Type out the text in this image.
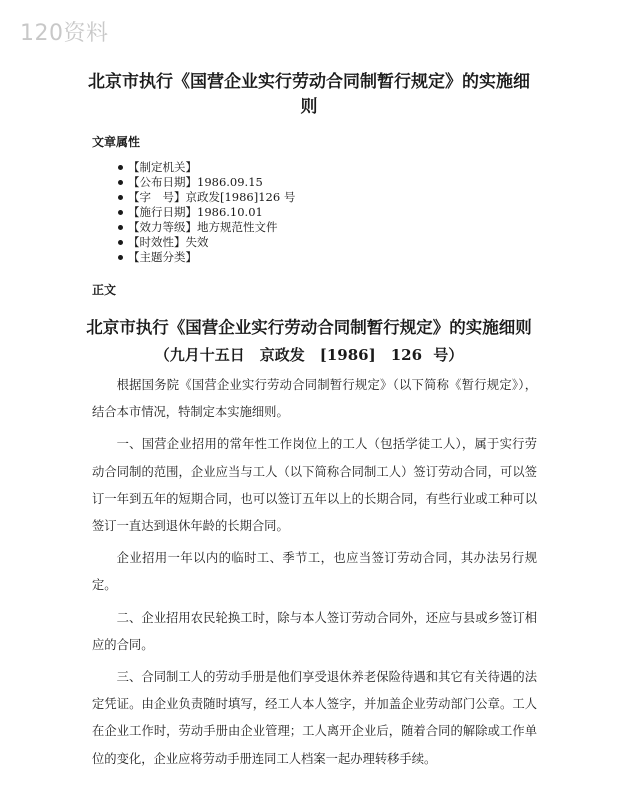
120资料
北京市执行《国营企业实行劳动合同制暂行规定》的实施细则
文章属性
【制定机关】
【公布日期】1986.09.15
【字　号】京政发[1986]126 号
【施行日期】1986.10.01
【效力等级】地方规范性文件
【时效性】失效
【主题分类】
正文
北京市执行《国营企业实行劳动合同制暂行规定》的实施细则
（九月十五日　京政发　[1986]　126 号）

根据国务院《国营企业实行劳动合同制暂行规定》（以下简称《暂行规定》），结合本市情况，特制定本实施细则。

一、国营企业招用的常年性工作岗位上的工人（包括学徒工人），属于实行劳动合同制的范围，企业应当与工人（以下简称合同制工人）签订劳动合同，可以签订一年到五年的短期合同，也可以签订五年以上的长期合同，有些行业或工种可以签订一直达到退休年龄的长期合同。

企业招用一年以内的临时工、季节工，也应当签订劳动合同，其办法另行规定。

二、企业招用农民轮换工时，除与本人签订劳动合同外，还应与县或乡签订相应的合同。

三、合同制工人的劳动手册是他们享受退休养老保险待遇和其它有关待遇的法定凭证。由企业负责随时填写，经工人本人签字，并加盖企业劳动部门公章。工人在企业工作时，劳动手册由企业管理；工人离开企业后，随着合同的解除或工作单位的变化，企业应将劳动手册连同工人档案一起办理转移手续。
